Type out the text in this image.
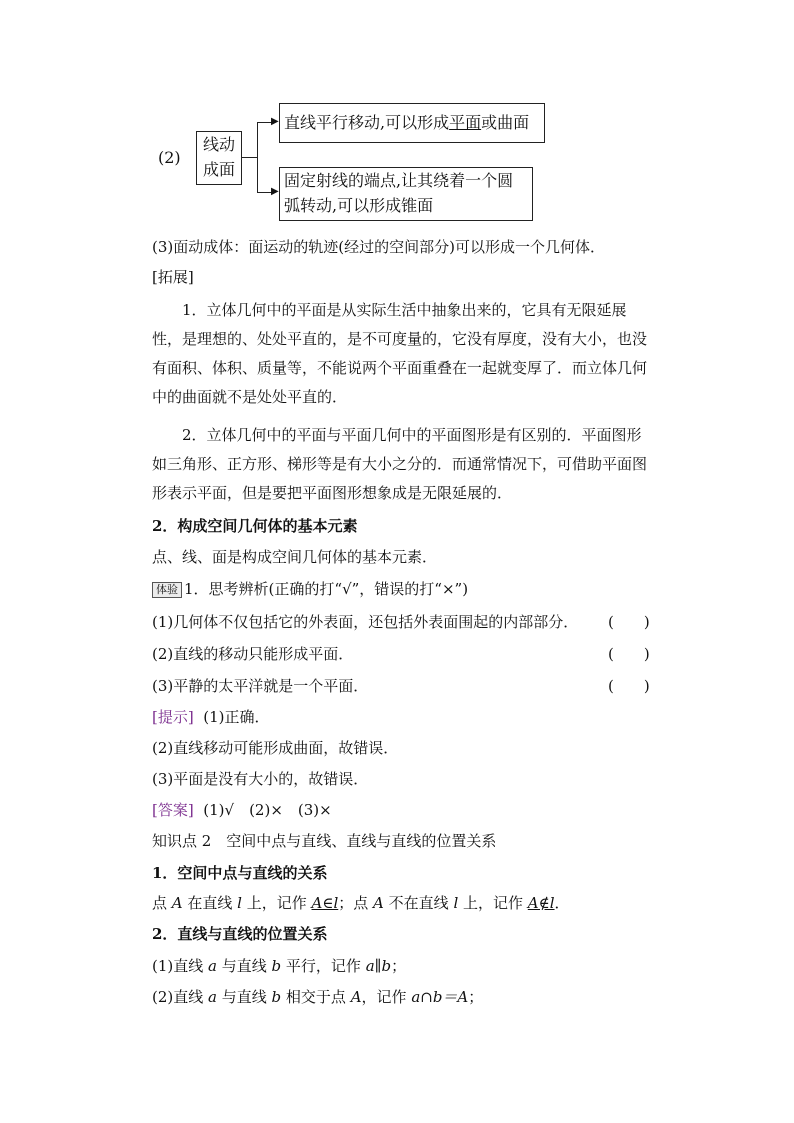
(2)
线动
成面
▶
▶
直线平行移动,可以形成平面或曲面
固定射线的端点,让其绕着一个圆
弧转动,可以形成锥面
(3)面动成体：面运动的轨迹(经过的空间部分)可以形成一个几何体．
[拓展]

1．立体几何中的平面是从实际生活中抽象出来的，它具有无限延展性，是理想的、处处平直的，是不可度量的，它没有厚度，没有大小，也没有面积、体积、质量等，不能说两个平面重叠在一起就变厚了．而立体几何中的曲面就不是处处平直的．

2．立体几何中的平面与平面几何中的平面图形是有区别的．平面图形如三角形、正方形、梯形等是有大小之分的．而通常情况下，可借助平面图形表示平面，但是要把平面图形想象成是无限延展的．

2．构成空间几何体的基本元素
点、线、面是构成空间几何体的基本元素．
体验 1．思考辨析(正确的打“√”，错误的打“×”)
(1)几何体不仅包括它的外表面，还包括外表面围起的内部部分． (　　)
(2)直线的移动只能形成平面．	(　　)
(3)平静的太平洋就是一个平面．	(　　)
[提示] (1)正确．
(2)直线移动可能形成曲面，故错误．
(3)平面是没有大小的，故错误．
[答案] (1)√　(2)×　(3)×
知识点 2　空间中点与直线、直线与直线的位置关系
1．空间中点与直线的关系
点 A 在直线 l 上，记作 A∈l；点 A 不在直线 l 上，记作 A∉l．
2．直线与直线的位置关系
(1)直线 a 与直线 b 平行，记作 a∥b；
(2)直线 a 与直线 b 相交于点 A，记作 a∩b＝A；
